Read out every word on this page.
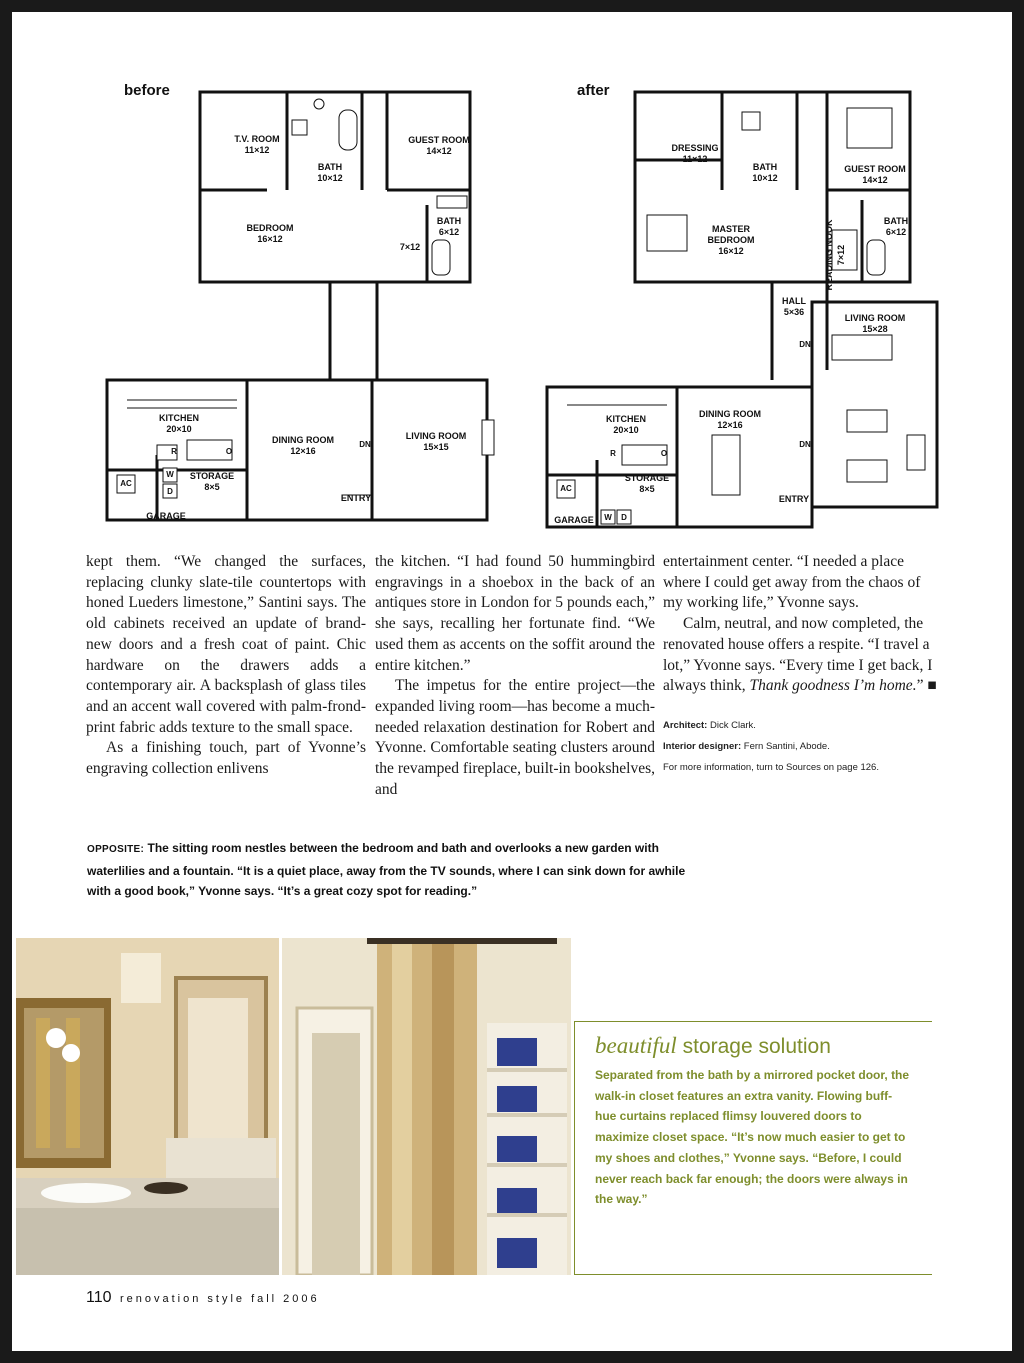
before
T.V. ROOM
11×12
BATH
10×12
GUEST ROOM
14×12
BEDROOM
16×12
BATH
6×12
7×12
KITCHEN
20×10
R	O
DINING ROOM
12×16
LIVING ROOM
15×15
DN
STORAGE
8×5
AC
W
D
ENTRY
GARAGE
after
DRESSING
11×12
BATH
10×12
GUEST ROOM
14×12
MASTER
BEDROOM
16×12	READING NOOK 7×12
BATH
6×12
HALL
5×36
LIVING ROOM
15×28
DN
DN
KITCHEN
20×10
R	O
DINING ROOM
12×16
STORAGE
8×5
AC
W D
ENTRY
GARAGE

kept them. “We changed the surfaces, replacing clunky slate-tile countertops with honed Lueders limestone,” Santini says. The old cabinets received an update of brand-new doors and a fresh coat of paint. Chic hardware on the drawers adds a contemporary air. A backsplash of glass tiles and an accent wall covered with palm-frond-print fabric adds texture to the small space.

As a finishing touch, part of Yvonne’s engraving collection enlivens

the kitchen. “I had found 50 hummingbird engravings in a shoebox in the back of an antiques store in London for 5 pounds each,” she says, recalling her fortunate find. “We used them as accents on the soffit around the entire kitchen.”

The impetus for the entire project—the expanded living room—has become a much-needed relaxation destination for Robert and Yvonne. Comfortable seating clusters around the revamped fireplace, built-in bookshelves, and

entertainment center. “I needed a place where I could get away from the chaos of my working life,” Yvonne says.

Calm, neutral, and now completed, the renovated house offers a respite. “I travel a lot,” Yvonne says. “Every time I get back, I always think, Thank goodness I’m home.” ■

Architect: Dick Clark.

Interior designer: Fern Santini, Abode.

For more information, turn to Sources on page 126.

OPPOSITE: The sitting room nestles between the bedroom and bath and overlooks a new garden with waterlilies and a fountain. “It is a quiet place, away from the TV sounds, where I can sink down for awhile with a good book,” Yvonne says. “It’s a great cozy spot for reading.”

beautiful storage solution

Separated from the bath by a mirrored pocket door, the walk-in closet features an extra vanity. Flowing buff-hue curtains replaced flimsy louvered doors to maximize closet space. “It’s now much easier to get to my shoes and clothes,” Yvonne says. “Before, I could never reach back far enough; the doors were always in the way.”

110 renovation style fall 2006
